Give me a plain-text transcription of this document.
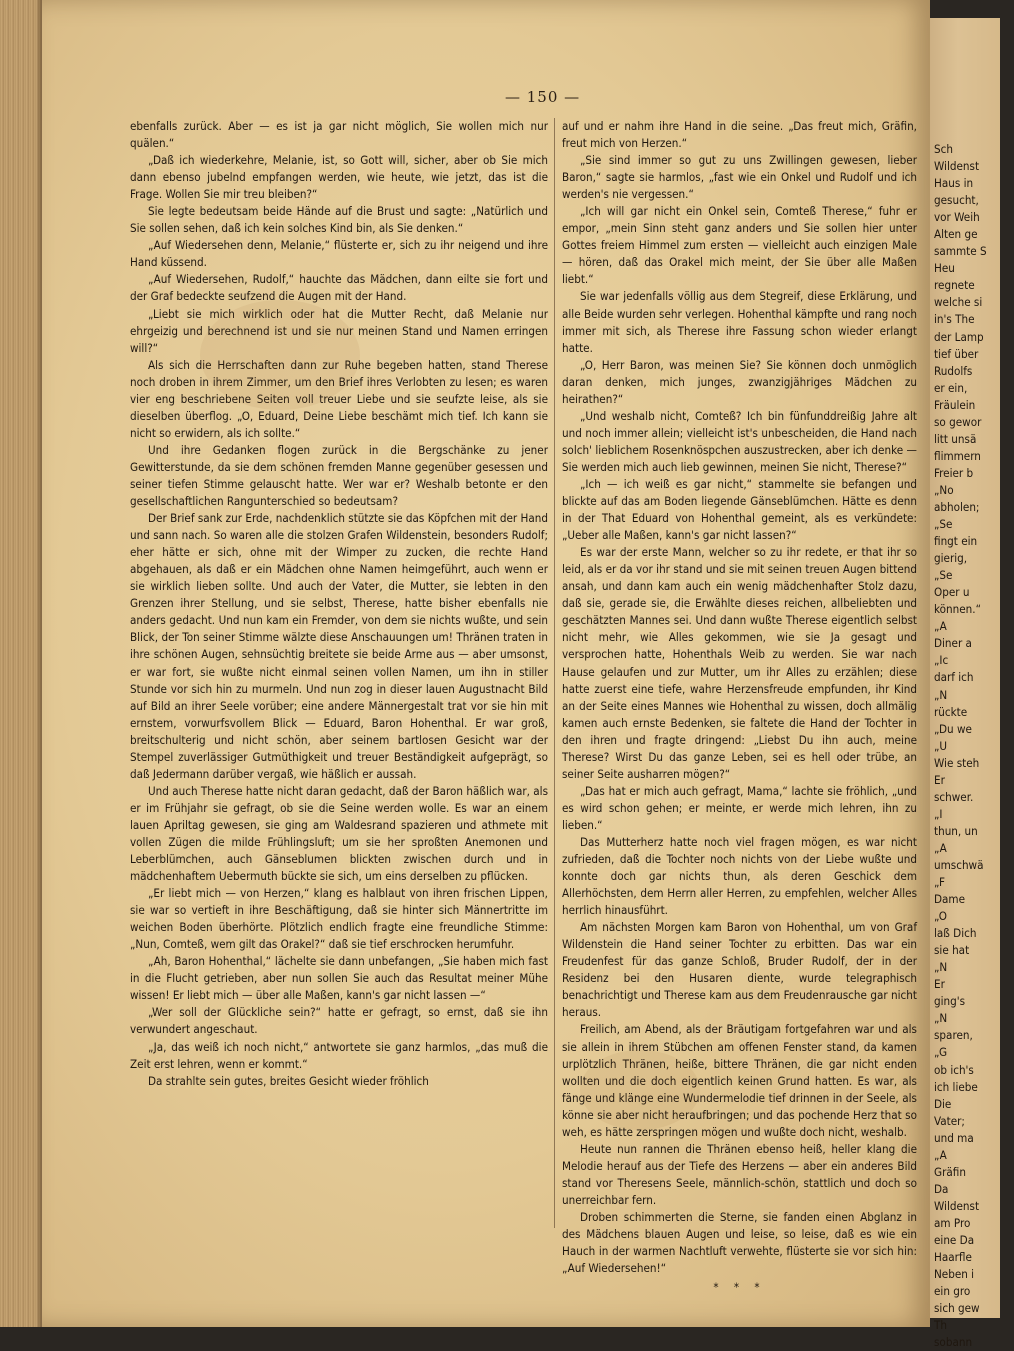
Sch
Wildenst
Haus in
gesucht,
vor Weih
Alten ge
sammte S
Heu
regnete
welche si
in's The
der Lamp
tief über
Rudolfs
er ein,
Fräulein
so gewor
litt unsä
flimmern
Freier b
„No
abholen;
„Se
fingt ein
gierig,
„Se
Oper u
können.“
„A
Diner a
„Ic
darf ich
„N
rückte
„Du we
„U
Wie steh
Er
schwer.
„I
thun, un
„A
umschwä
„F
Dame
„O
laß Dich
sie hat
„N
Er
ging's
„N
sparen,
„G
ob ich's
ich liebe
Die
Vater;
und ma
„A
Gräfin
Da
Wildenst
am Pro
eine Da
Haarfle
Neben i
ein gro
sich gew
Th
sobann
— 150 —

ebenfalls zurück. Aber — es ist ja gar nicht möglich, Sie wollen mich nur quälen.“

„Daß ich wiederkehre, Melanie, ist, so Gott will, sicher, aber ob Sie mich dann ebenso jubelnd empfangen werden, wie heute, wie jetzt, das ist die Frage. Wollen Sie mir treu bleiben?“

Sie legte bedeutsam beide Hände auf die Brust und sagte: „Natürlich und Sie sollen sehen, daß ich kein solches Kind bin, als Sie denken.“

„Auf Wiedersehen denn, Melanie,“ flüsterte er, sich zu ihr neigend und ihre Hand küssend.

„Auf Wiedersehen, Rudolf,“ hauchte das Mädchen, dann eilte sie fort und der Graf bedeckte seufzend die Augen mit der Hand.

„Liebt sie mich wirklich oder hat die Mutter Recht, daß Melanie nur ehrgeizig und berechnend ist und sie nur meinen Stand und Namen erringen will?“

Als sich die Herrschaften dann zur Ruhe begeben hatten, stand Therese noch droben in ihrem Zimmer, um den Brief ihres Verlobten zu lesen; es waren vier eng beschriebene Seiten voll treuer Liebe und sie seufzte leise, als sie dieselben überflog. „O, Eduard, Deine Liebe beschämt mich tief. Ich kann sie nicht so erwidern, als ich sollte.“

Und ihre Gedanken flogen zurück in die Bergschänke zu jener Gewitterstunde, da sie dem schönen fremden Manne gegenüber gesessen und seiner tiefen Stimme gelauscht hatte. Wer war er? Weshalb betonte er den gesellschaftlichen Rangunterschied so bedeutsam?

Der Brief sank zur Erde, nachdenklich stützte sie das Köpfchen mit der Hand und sann nach. So waren alle die stolzen Grafen Wildenstein, besonders Rudolf; eher hätte er sich, ohne mit der Wimper zu zucken, die rechte Hand abgehauen, als daß er ein Mädchen ohne Namen heimgeführt, auch wenn er sie wirklich lieben sollte. Und auch der Vater, die Mutter, sie lebten in den Grenzen ihrer Stellung, und sie selbst, Therese, hatte bisher ebenfalls nie anders gedacht. Und nun kam ein Fremder, von dem sie nichts wußte, und sein Blick, der Ton seiner Stimme wälzte diese Anschauungen um! Thränen traten in ihre schönen Augen, sehnsüchtig breitete sie beide Arme aus — aber umsonst, er war fort, sie wußte nicht einmal seinen vollen Namen, um ihn in stiller Stunde vor sich hin zu murmeln. Und nun zog in dieser lauen Augustnacht Bild auf Bild an ihrer Seele vorüber; eine andere Männergestalt trat vor sie hin mit ernstem, vorwurfsvollem Blick — Eduard, Baron Hohenthal. Er war groß, breitschulterig und nicht schön, aber seinem bartlosen Gesicht war der Stempel zuverlässiger Gutmüthigkeit und treuer Beständigkeit aufgeprägt, so daß Jedermann darüber vergaß, wie häßlich er aussah.

Und auch Therese hatte nicht daran gedacht, daß der Baron häßlich war, als er im Frühjahr sie gefragt, ob sie die Seine werden wolle. Es war an einem lauen Apriltag gewesen, sie ging am Waldesrand spazieren und athmete mit vollen Zügen die milde Frühlingsluft; um sie her sproßten Anemonen und Leberblümchen, auch Gänseblumen blickten zwischen durch und in mädchenhaftem Uebermuth bückte sie sich, um eins derselben zu pflücken.

„Er liebt mich — von Herzen,“ klang es halblaut von ihren frischen Lippen, sie war so vertieft in ihre Beschäftigung, daß sie hinter sich Männertritte im weichen Boden überhörte. Plötzlich endlich fragte eine freundliche Stimme: „Nun, Comteß, wem gilt das Orakel?“ daß sie tief erschrocken herumfuhr.

„Ah, Baron Hohenthal,“ lächelte sie dann unbefangen, „Sie haben mich fast in die Flucht getrieben, aber nun sollen Sie auch das Resultat meiner Mühe wissen! Er liebt mich — über alle Maßen, kann's gar nicht lassen —“

„Wer soll der Glückliche sein?“ hatte er gefragt, so ernst, daß sie ihn verwundert angeschaut.

„Ja, das weiß ich noch nicht,“ antwortete sie ganz harmlos, „das muß die Zeit erst lehren, wenn er kommt.“

Da strahlte sein gutes, breites Gesicht wieder fröhlich

auf und er nahm ihre Hand in die seine. „Das freut mich, Gräfin, freut mich von Herzen.“

„Sie sind immer so gut zu uns Zwillingen gewesen, lieber Baron,“ sagte sie harmlos, „fast wie ein Onkel und Rudolf und ich werden's nie vergessen.“

„Ich will gar nicht ein Onkel sein, Comteß Therese,“ fuhr er empor, „mein Sinn steht ganz anders und Sie sollen hier unter Gottes freiem Himmel zum ersten — vielleicht auch einzigen Male — hören, daß das Orakel mich meint, der Sie über alle Maßen liebt.“

Sie war jedenfalls völlig aus dem Stegreif, diese Erklärung, und alle Beide wurden sehr verlegen. Hohenthal kämpfte und rang noch immer mit sich, als Therese ihre Fassung schon wieder erlangt hatte.

„O, Herr Baron, was meinen Sie? Sie können doch unmöglich daran denken, mich junges, zwanzigjähriges Mädchen zu heirathen?“

„Und weshalb nicht, Comteß? Ich bin fünfunddreißig Jahre alt und noch immer allein; vielleicht ist's unbescheiden, die Hand nach solch' lieblichem Rosenknöspchen auszustrecken, aber ich denke — Sie werden mich auch lieb gewinnen, meinen Sie nicht, Therese?“

„Ich — ich weiß es gar nicht,“ stammelte sie befangen und blickte auf das am Boden liegende Gänseblümchen. Hätte es denn in der That Eduard von Hohenthal gemeint, als es verkündete: „Ueber alle Maßen, kann's gar nicht lassen?“

Es war der erste Mann, welcher so zu ihr redete, er that ihr so leid, als er da vor ihr stand und sie mit seinen treuen Augen bittend ansah, und dann kam auch ein wenig mädchenhafter Stolz dazu, daß sie, gerade sie, die Erwählte dieses reichen, allbeliebten und geschätzten Mannes sei. Und dann wußte Therese eigentlich selbst nicht mehr, wie Alles gekommen, wie sie Ja gesagt und versprochen hatte, Hohenthals Weib zu werden. Sie war nach Hause gelaufen und zur Mutter, um ihr Alles zu erzählen; diese hatte zuerst eine tiefe, wahre Herzensfreude empfunden, ihr Kind an der Seite eines Mannes wie Hohenthal zu wissen, doch allmälig kamen auch ernste Bedenken, sie faltete die Hand der Tochter in den ihren und fragte dringend: „Liebst Du ihn auch, meine Therese? Wirst Du das ganze Leben, sei es hell oder trübe, an seiner Seite ausharren mögen?“

„Das hat er mich auch gefragt, Mama,“ lachte sie fröhlich, „und es wird schon gehen; er meinte, er werde mich lehren, ihn zu lieben.“

Das Mutterherz hatte noch viel fragen mögen, es war nicht zufrieden, daß die Tochter noch nichts von der Liebe wußte und konnte doch gar nichts thun, als deren Geschick dem Allerhöchsten, dem Herrn aller Herren, zu empfehlen, welcher Alles herrlich hinausführt.

Am nächsten Morgen kam Baron von Hohenthal, um von Graf Wildenstein die Hand seiner Tochter zu erbitten. Das war ein Freudenfest für das ganze Schloß, Bruder Rudolf, der in der Residenz bei den Husaren diente, wurde telegraphisch benachrichtigt und Therese kam aus dem Freudenrausche gar nicht heraus.

Freilich, am Abend, als der Bräutigam fortgefahren war und als sie allein in ihrem Stübchen am offenen Fenster stand, da kamen urplötzlich Thränen, heiße, bittere Thränen, die gar nicht enden wollten und die doch eigentlich keinen Grund hatten. Es war, als fänge und klänge eine Wundermelodie tief drinnen in der Seele, als könne sie aber nicht heraufbringen; und das pochende Herz that so weh, es hätte zerspringen mögen und wußte doch nicht, weshalb.

Heute nun rannen die Thränen ebenso heiß, heller klang die Melodie herauf aus der Tiefe des Herzens — aber ein anderes Bild stand vor Theresens Seele, männlich-schön, stattlich und doch so unerreichbar fern.

Droben schimmerten die Sterne, sie fanden einen Abglanz in des Mädchens blauen Augen und leise, so leise, daß es wie ein Hauch in der warmen Nachtluft verwehte, flüsterte sie vor sich hin: „Auf Wiedersehen!“

* * *
